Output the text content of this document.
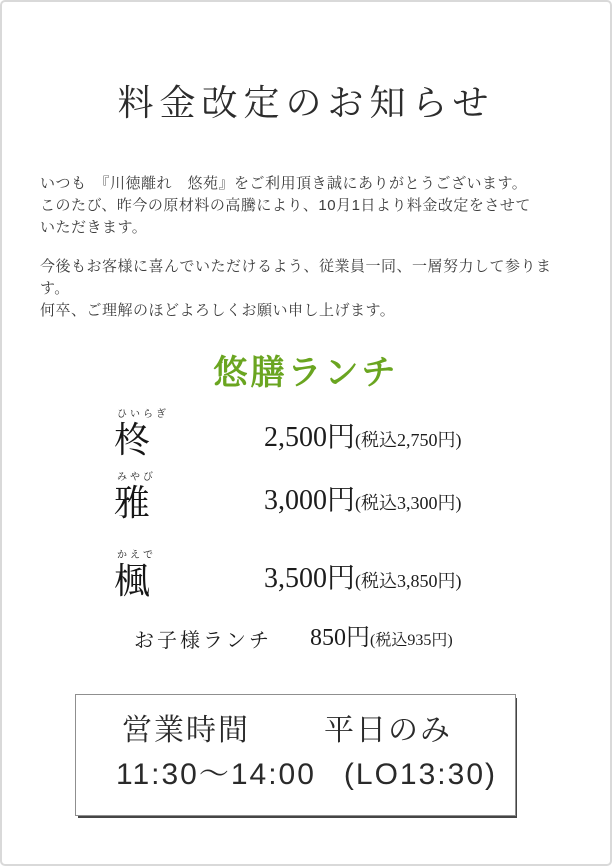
料金改定のお知らせ
いつも　『川徳離れ　悠苑』をご利用頂き誠にありがとうございます。
このたび、昨今の原材料の高騰により、10月1日より料金改定をさせて
いただきます。
今後もお客様に喜んでいただけるよう、従業員一同、一層努力して参ります。
何卒、ご理解のほどよろしくお願い申し上げます。
悠膳ランチ
ひいらぎ
柊	2,500円(税込2,750円)
みやび
雅	3,000円(税込3,300円)
かえで
楓	3,500円(税込3,850円)
お子様ランチ	850円(税込935円)
営業時間 平日のみ
11:30～14:00 (LO13:30)
